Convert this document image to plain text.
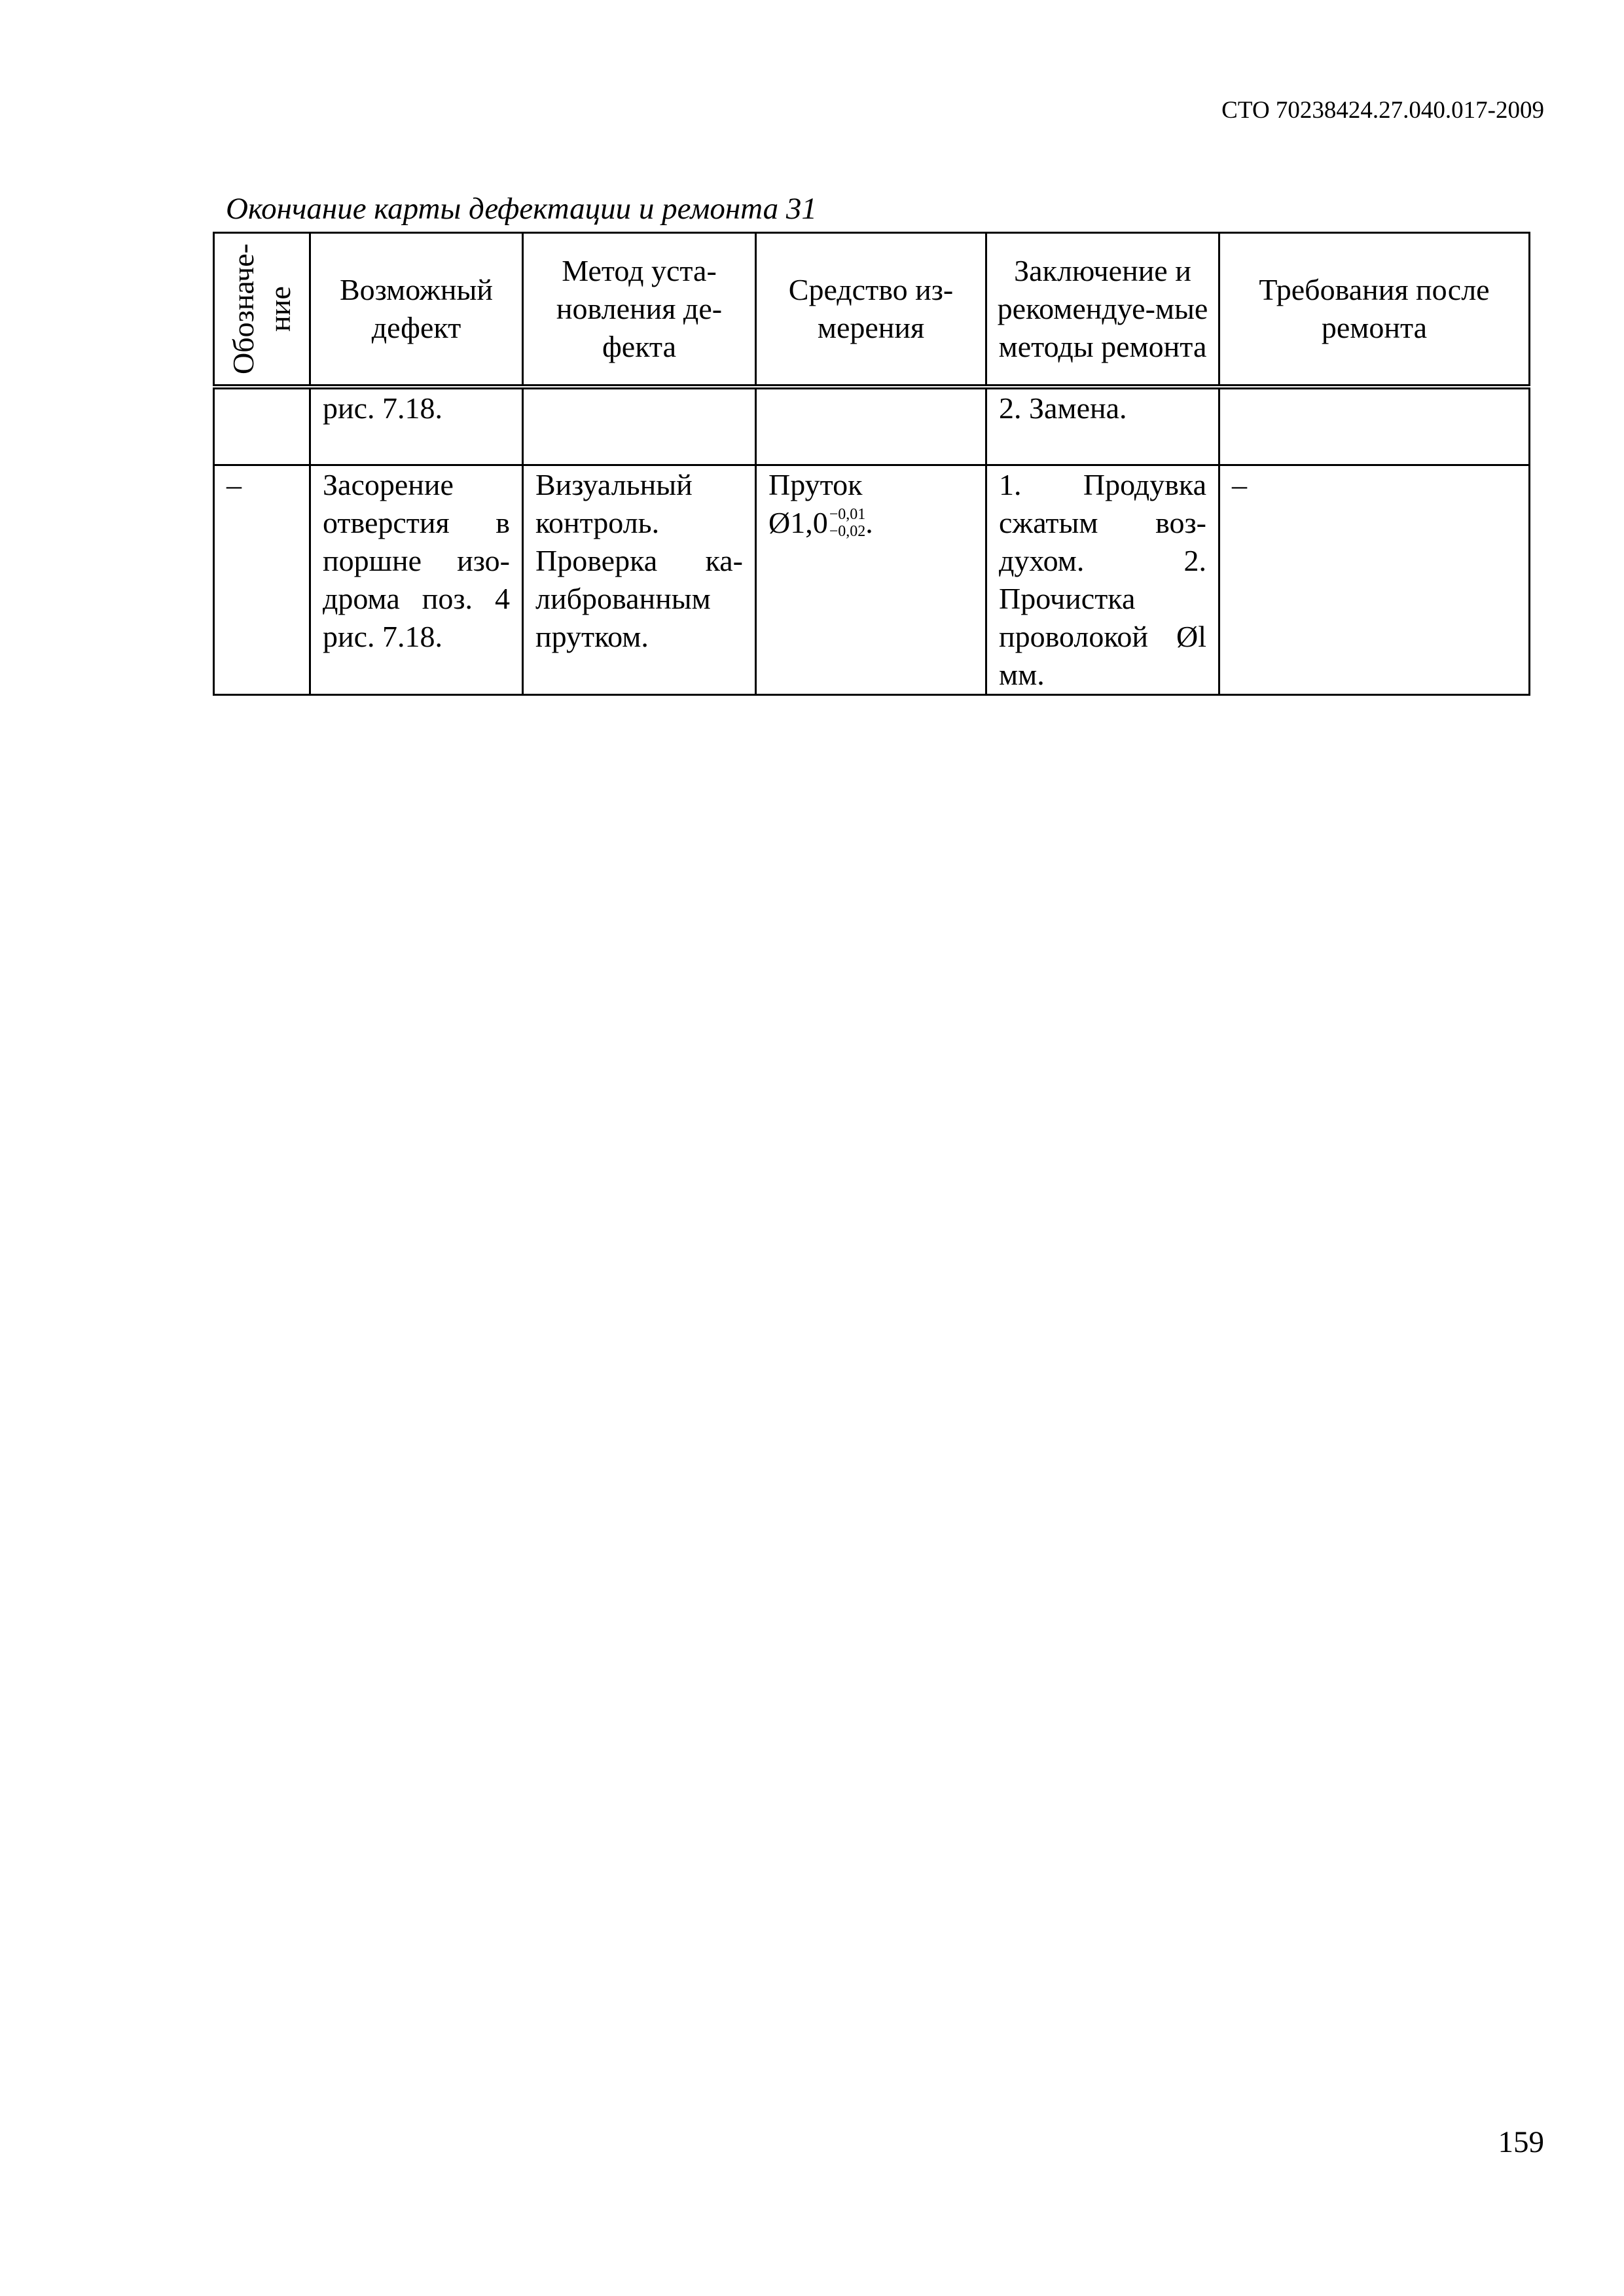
СТО 70238424.27.040.017-2009
Окончание карты дефектации и ремонта 31
Обозначе-ние	Возможный дефект	Метод уста-новления де-фекта	Средство из-мерения	Заключение и рекомендуе-мые методы ремонта	Требования после ремонта
	рис. 7.18.			2. Замена.	
–	Засорение отверстия в поршне изо-дрома поз. 4 рис. 7.18.	Визуальный контроль. Проверка ка-либрованным прутком.	Пруток
Ø1,0 −0,01
−0,02 .	1. Продувка сжатым воз-духом. 2. Прочистка проволокой Øl мм.	–
159
